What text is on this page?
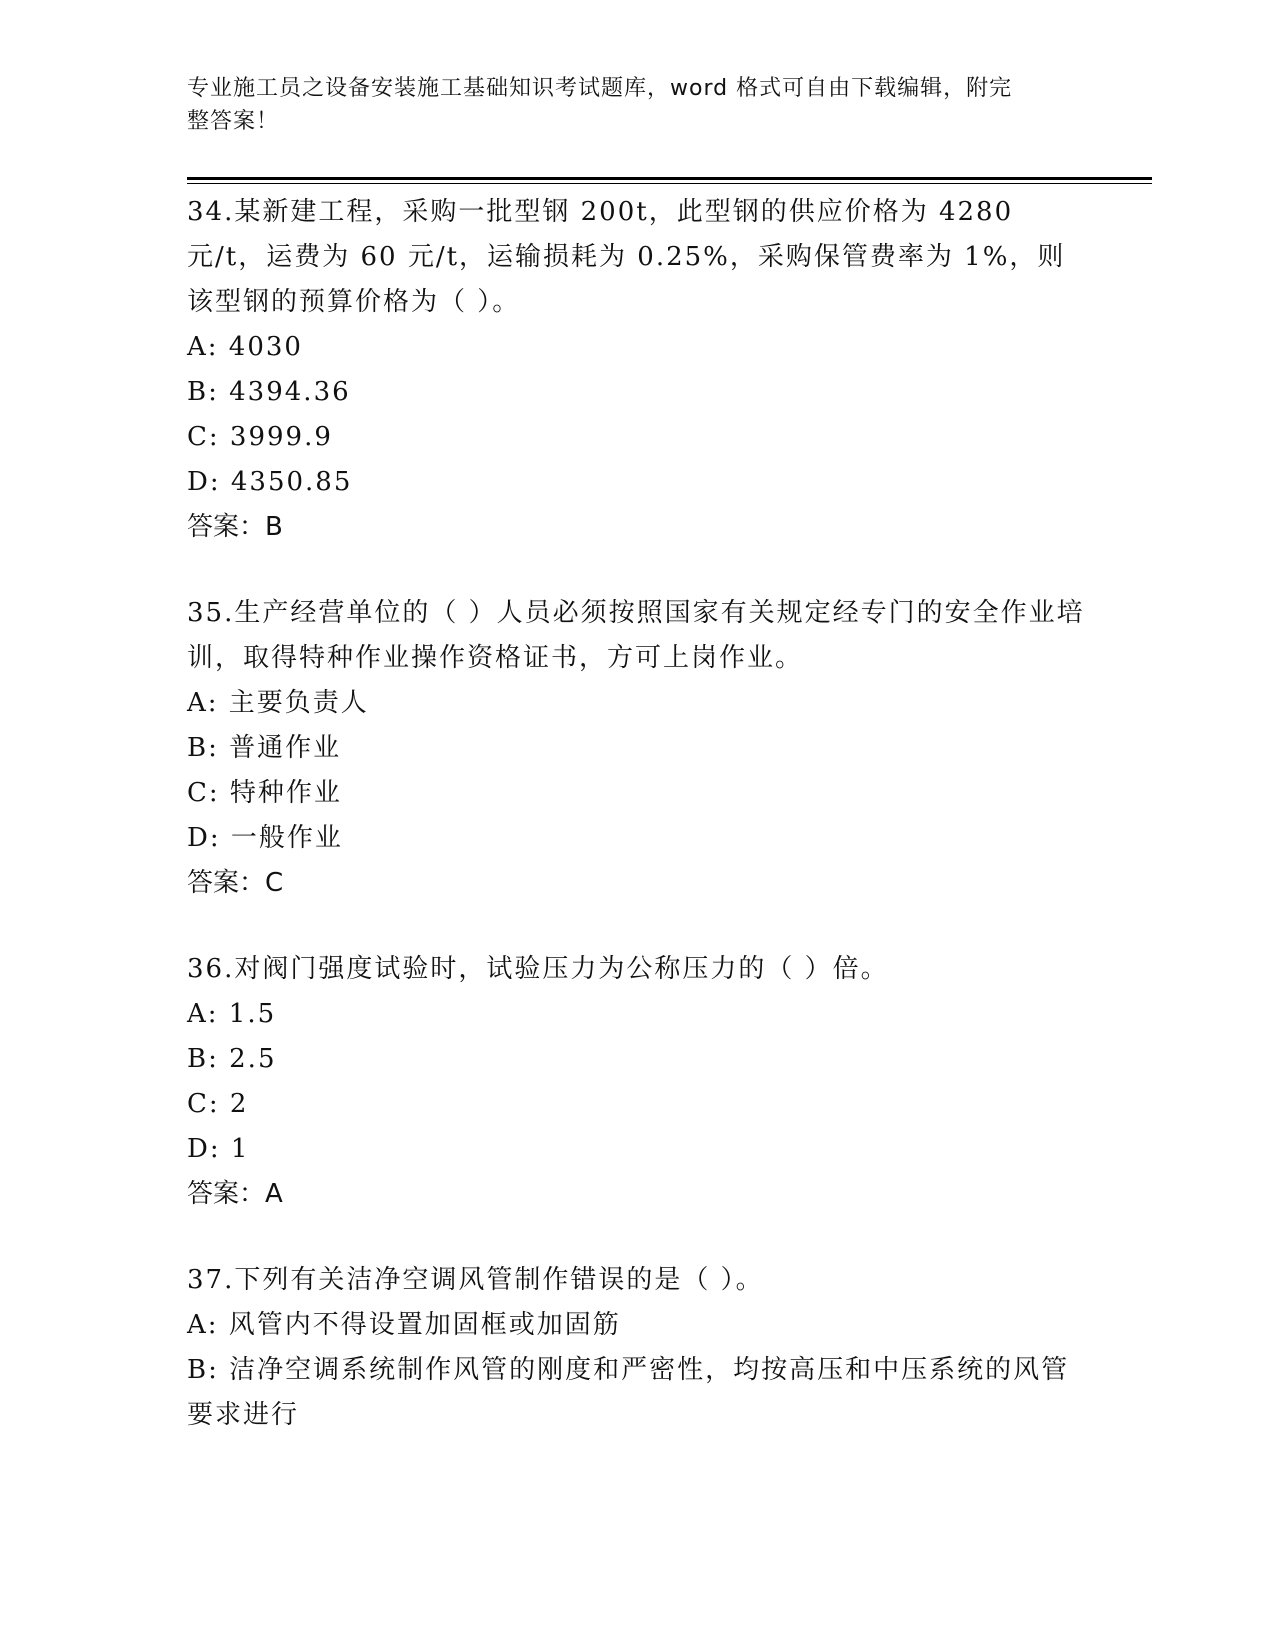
专业施工员之设备安装施工基础知识考试题库，word 格式可自由下载编辑，附完
整答案！

34.某新建工程，采购一批型钢 200t，此型钢的供应价格为 4280 元/t，运费为 60 元/t，运输损耗为 0.25%，采购保管费率为 1%，则该型钢的预算价格为（ ）。

A: 4030

B: 4394.36

C: 3999.9

D: 4350.85

答案：B

35.生产经营单位的（ ）人员必须按照国家有关规定经专门的安全作业培训，取得特种作业操作资格证书，方可上岗作业。

A: 主要负责人

B: 普通作业

C: 特种作业

D: 一般作业

答案：C

36.对阀门强度试验时，试验压力为公称压力的（ ）倍。

A: 1.5

B: 2.5

C: 2

D: 1

答案：A

37.下列有关洁净空调风管制作错误的是（ ）。

A: 风管内不得设置加固框或加固筋

B: 洁净空调系统制作风管的刚度和严密性，均按高压和中压系统的风管要求进行
